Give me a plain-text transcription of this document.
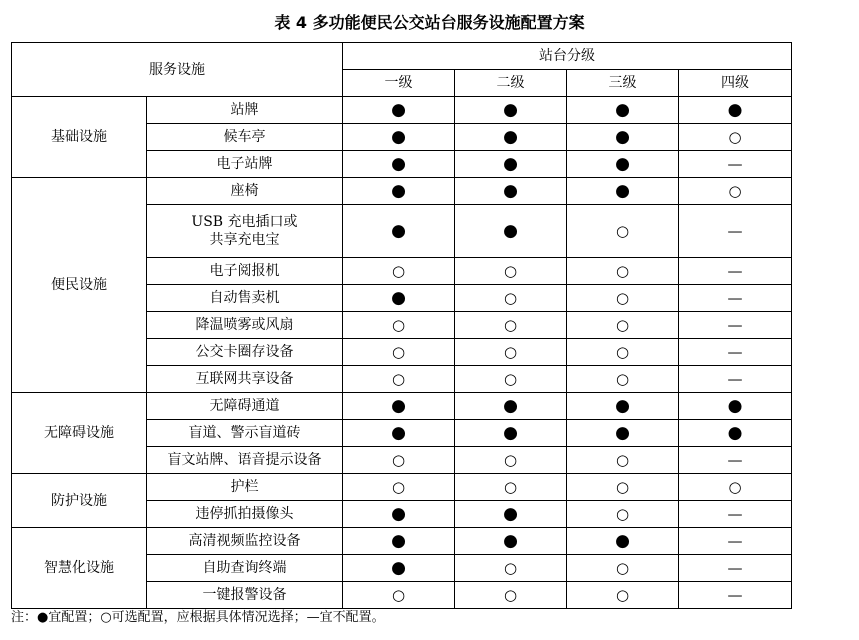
表 4 多功能便民公交站台服务设施配置方案
服务设施		站台分级			
		一级	二级	三级	四级
基础设施	站牌	●	●	●	●
	候车亭	●	●	●	○
	电子站牌	●	●	●	—
便民设施	座椅	●	●	●	○

	USB 充电插口或
共享充电宝	●	●	○	—
	电子阅报机	○	○	○	—
	自动售卖机	●	○	○	—
	降温喷雾或风扇	○	○	○	—
	公交卡圈存设备	○	○	○	—
	互联网共享设备	○	○	○	—
无障碍设施	无障碍通道	●	●	●	●
	盲道、警示盲道砖	●	●	●	●
	盲文站牌、语音提示设备	○	○	○	—
防护设施	护栏	○	○	○	○
	违停抓拍摄像头	●	●	○	—
智慧化设施	高清视频监控设备	●	●	●	—
	自助查询终端	●	○	○	—
	一键报警设备	○	○	○	—
注：●宜配置；○可选配置，应根据具体情况选择；—宜不配置。
